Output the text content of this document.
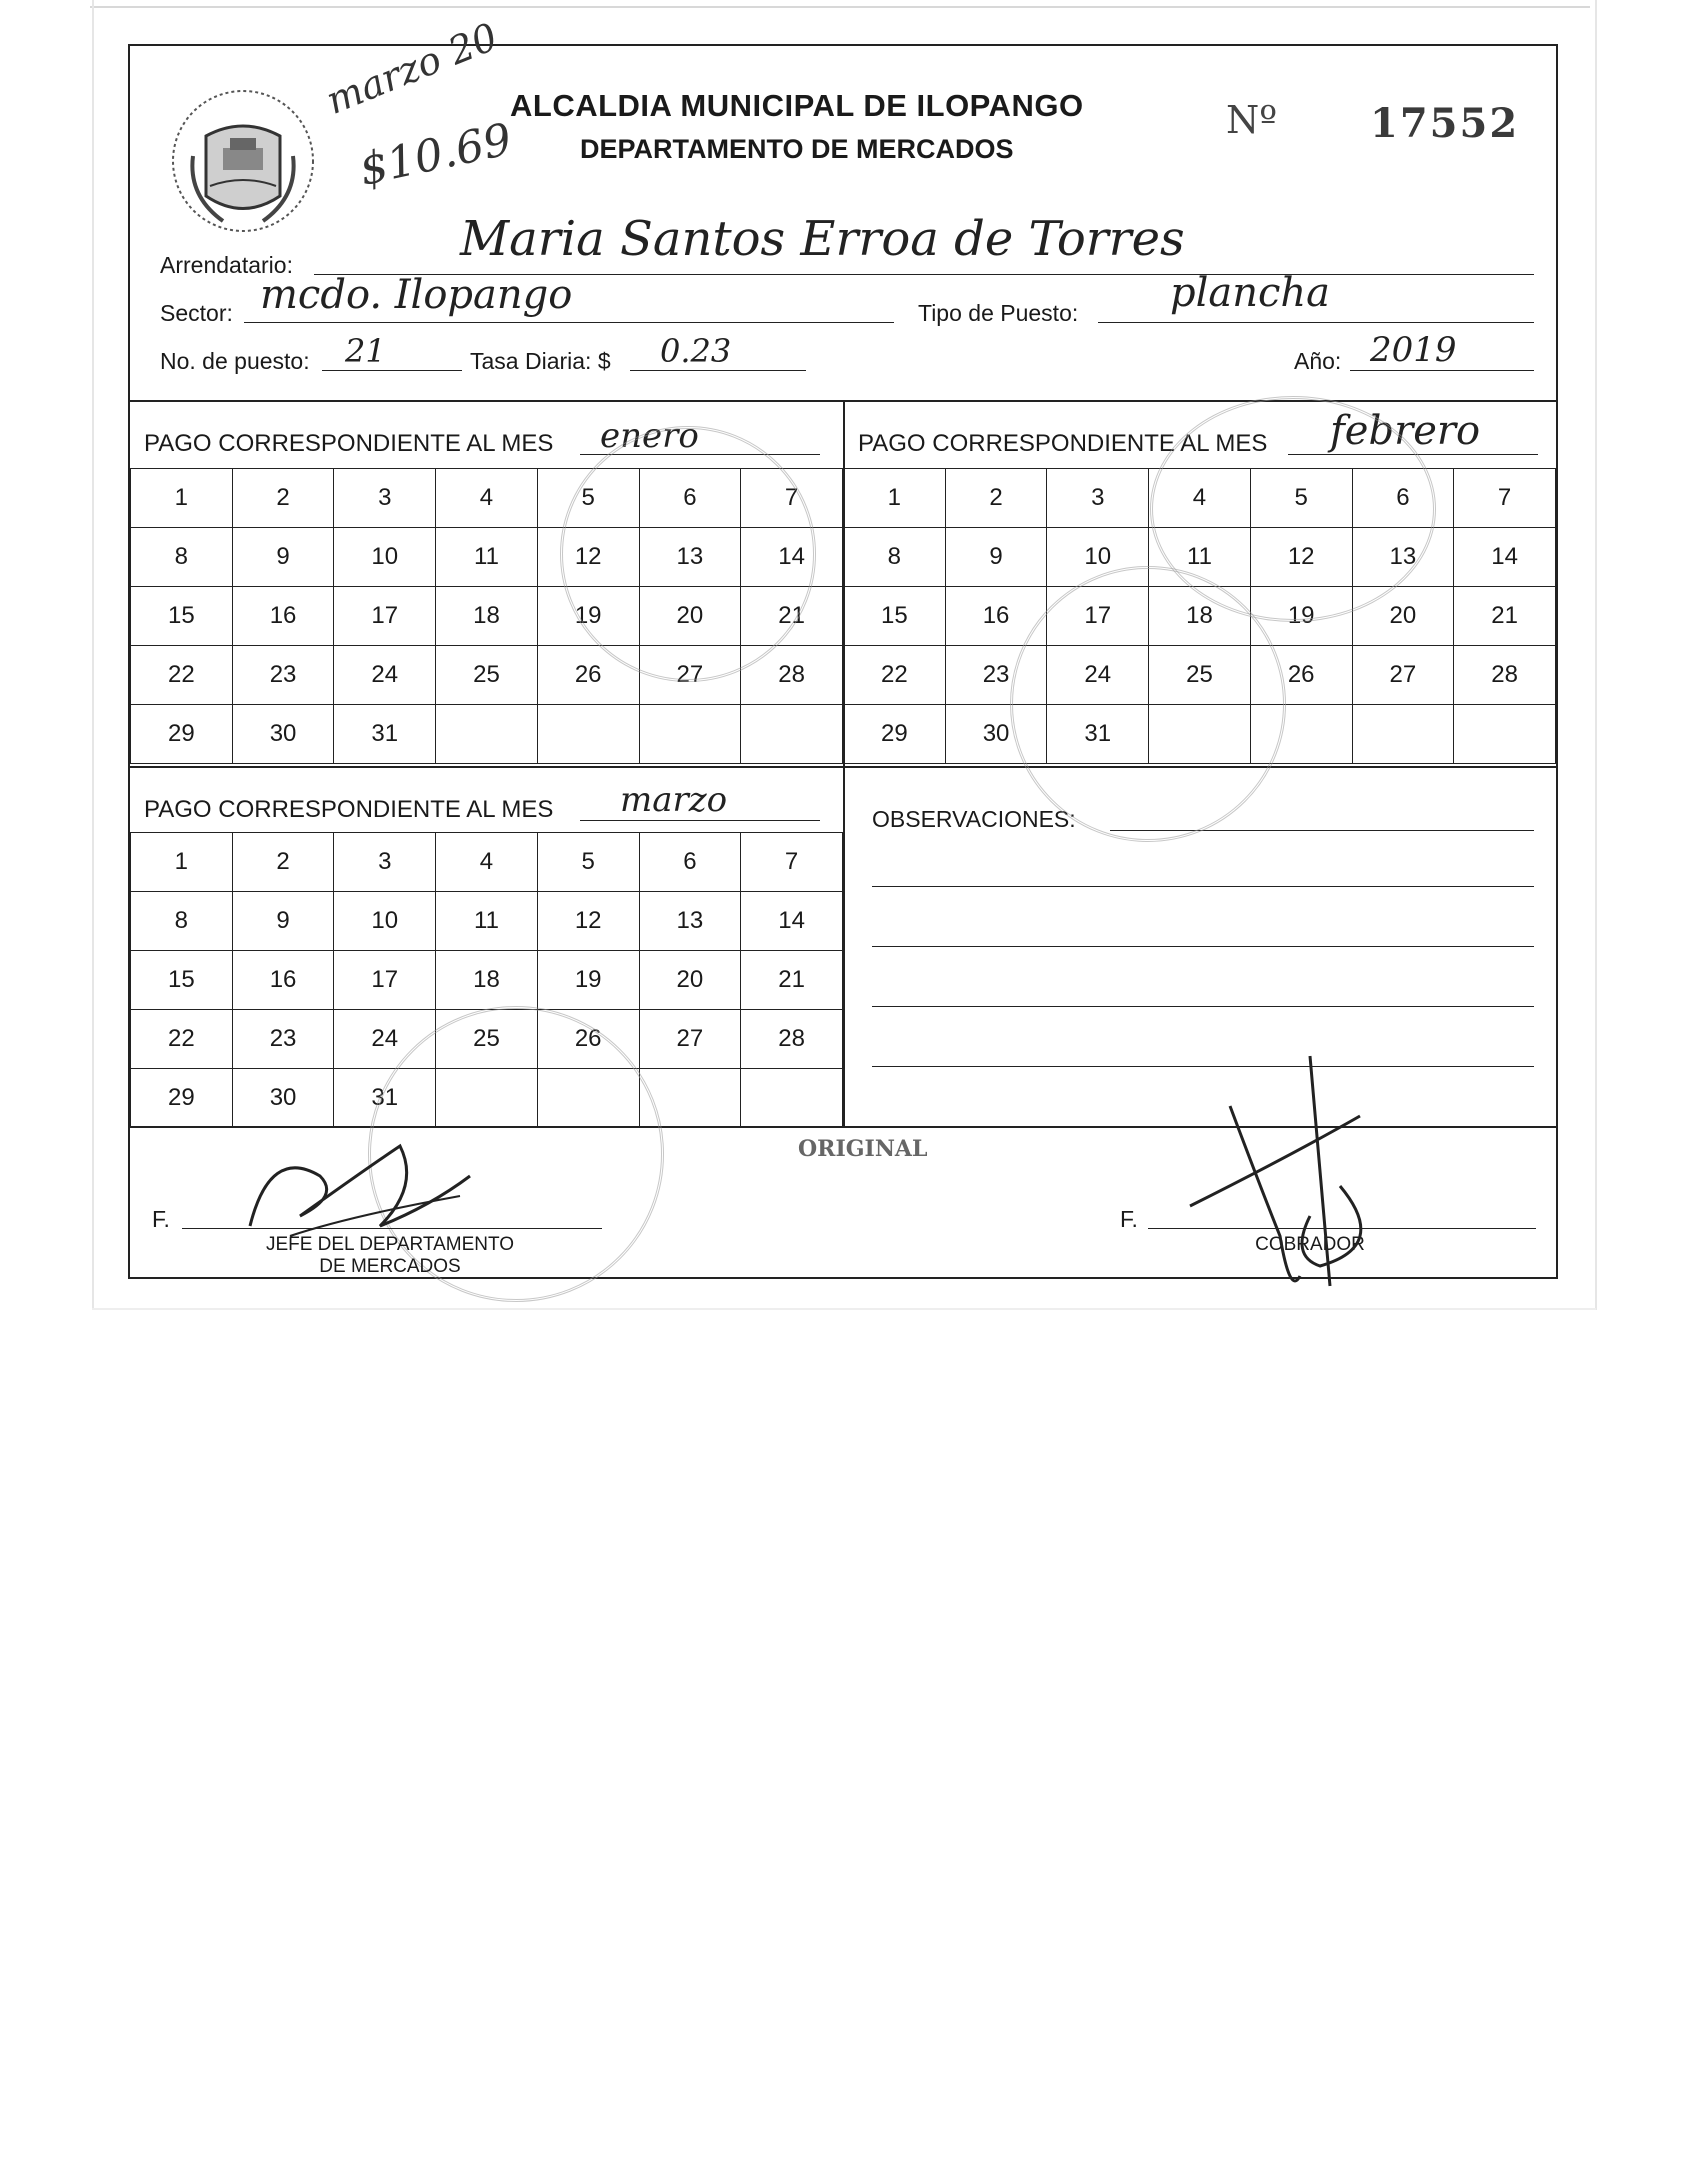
marzo 20
$10.69
ALCALDIA MUNICIPAL DE ILOPANGO
DEPARTAMENTO DE MERCADOS
Nº 17552
Arrendatario:	Maria Santos Erroa de Torres
Sector: mcdo. Ilopango	Tipo de Puesto: plancha
No. de puesto: 21	Tasa Diaria: $ 0.23	Año: 2019
PAGO CORRESPONDIENTE AL MES enero
1	2	3	4	5	6	7
8	9	10	11	12	13	14
15	16	17	18	19	20	21
22	23	24	25	26	27	28
29	30	31				
PAGO CORRESPONDIENTE AL MES febrero
1	2	3	4	5	6	7
8	9	10	11	12	13	14
15	16	17	18	19	20	21
22	23	24	25	26	27	28
29	30	31				
PAGO CORRESPONDIENTE AL MES marzo
1	2	3	4	5	6	7
8	9	10	11	12	13	14
15	16	17	18	19	20	21
22	23	24	25	26	27	28
29	30	31				
OBSERVACIONES:
ORIGINAL
F.
JEFE DEL DEPARTAMENTO
DE MERCADOS
F.
COBRADOR
